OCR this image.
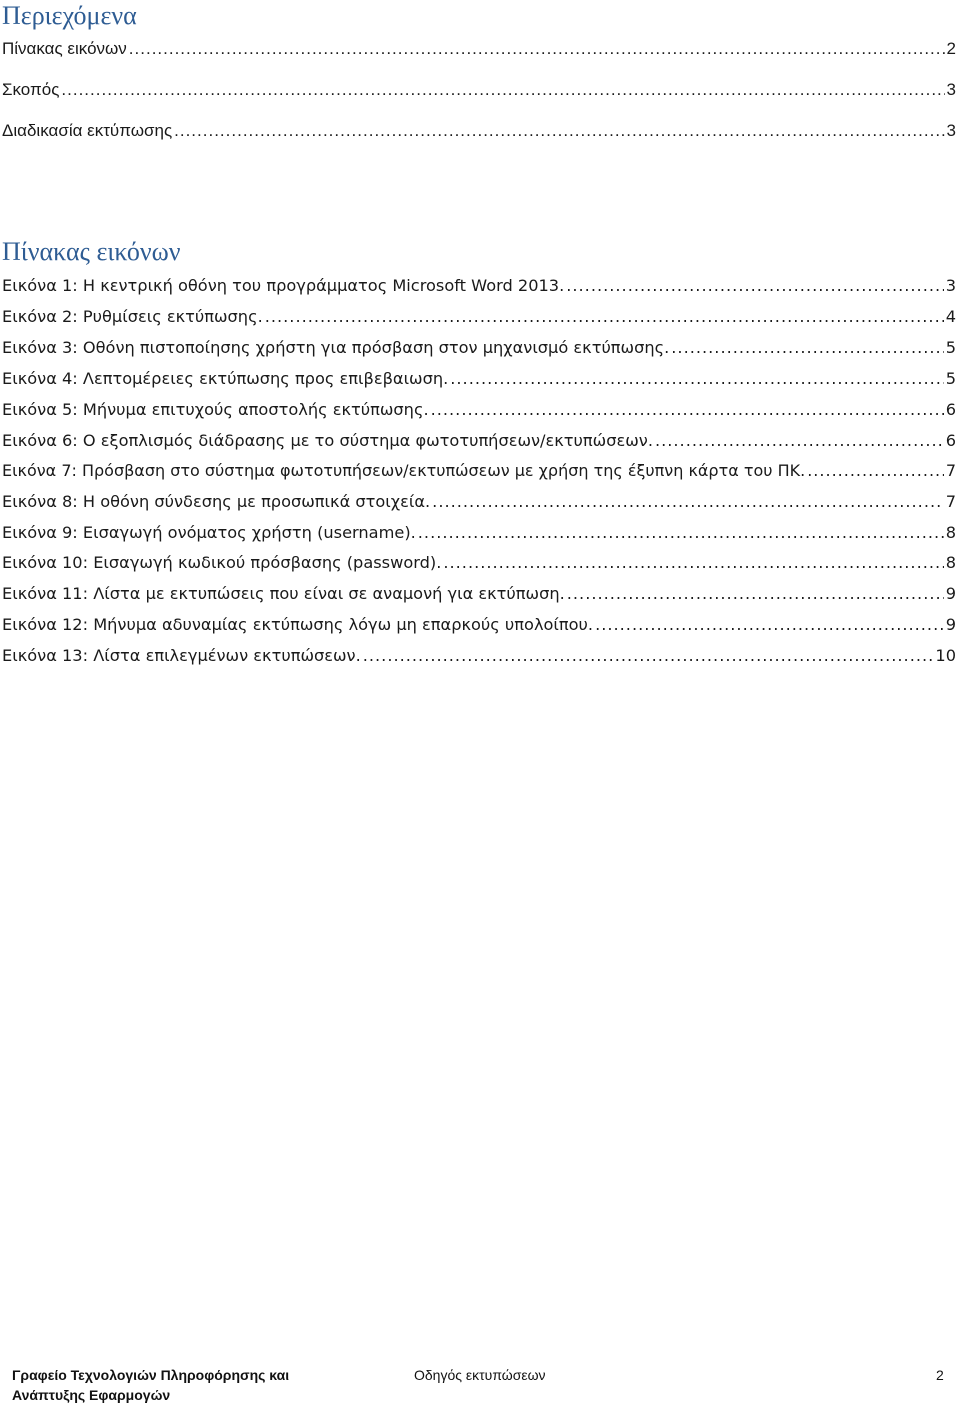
Περιεχόμενα
Πίνακας εικόνων .....	2
Σκοπός .....	3
Διαδικασία εκτύπωσης .....	3
Πίνακας εικόνων
Εικόνα 1: Η κεντρική οθόνη του προγράμματος Microsoft Word 2013. .....	3
Εικόνα 2: Ρυθμίσεις εκτύπωσης. .....	4
Εικόνα 3: Οθόνη πιστοποίησης χρήστη για πρόσβαση στον μηχανισμό εκτύπωσης. .....	5
Εικόνα 4: Λεπτομέρειες εκτύπωσης προς επιβεβαιωση. .....	5
Εικόνα 5: Μήνυμα επιτυχούς αποστολής εκτύπωσης. .....	6
Εικόνα 6: Ο εξοπλισμός διάδρασης με το σύστημα φωτοτυπήσεων/εκτυπώσεων. .....	6
Εικόνα 7: Πρόσβαση στο σύστημα φωτοτυπήσεων/εκτυπώσεων με χρήση της έξυπνη κάρτα του ΠΚ. .....	7
Εικόνα 8: Η οθόνη σύνδεσης με προσωπικά στοιχεία. .....	7
Εικόνα 9: Εισαγωγή ονόματος χρήστη (username). .....	8
Εικόνα 10: Εισαγωγή κωδικού πρόσβασης (password). .....	8
Εικόνα 11: Λίστα με εκτυπώσεις που είναι σε αναμονή για εκτύπωση. .....	9
Εικόνα 12: Μήνυμα αδυναμίας εκτύπωσης λόγω μη επαρκούς υπολοίπου. .....	9
Εικόνα 13: Λίστα επιλεγμένων εκτυπώσεων. .....	10
Γραφείο Τεχνολογιών Πληροφόρησης και
Ανάπτυξης Εφαρμογών
Οδηγός εκτυπώσεων	2
